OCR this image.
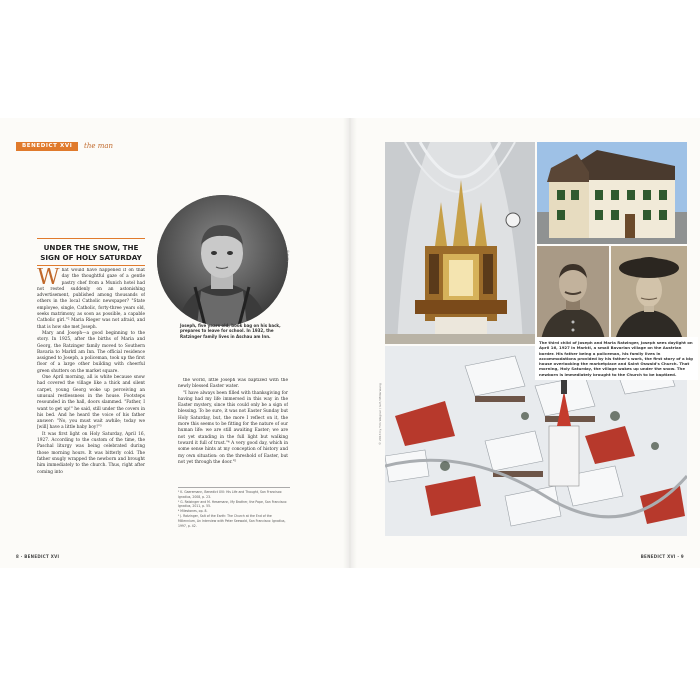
BENEDICT XVI	the man
UNDER THE SNOW, THE SIGN OF HOLY SATURDAY

What would have happened if on that day the thoughtful gaze of a gentle pastry chef from a Munich hotel had not rested suddenly on an astonishing advertisement, published among thousands of others in the local Catholic newspaper? "State employee, single, Catholic, forty-three years old, seeks matrimony, as soon as possible, a capable Catholic girl."² Maria Rieger was not afraid, and that is how she met Joseph.

Mary and Joseph—a good beginning to the story. In 1925, after the births of Maria and Georg, the Ratzinger family moved to Southern Bavaria to Marktl am Inn. The official residence assigned to Joseph, a policeman, took up the first floor of a large other building with cheerful green shutters on the market square.

One April morning, all is white because snow had covered the village like a thick and silent carpet, young Georg woke up perceiving an unusual restlessness in the house. Footsteps resounded in the hall, doors slammed. "Father, I want to get up!" he said, still under the covers in his bed. And he heard the voice of his father answer: "No, you must wait awhile; today we [will] have a little baby boy!"³

It was first light on Holy Saturday, April 16, 1927. According to the custom of the time, the Paschal liturgy was being celebrated during those morning hours. It was bitterly cold. The father snugly wrapped the newborn and brought him immediately to the church. Thus, right after coming into

© Getty
Joseph, five years old, book bag on his back, prepares to leave for school. In 1932, the Ratzinger family lives in Aschau am Inn.

the world, little Joseph was baptized with the newly blessed Easter water.

"I have always been filled with thanksgiving for having had my life immersed in this way in the Easter mystery, since this could only be a sign of blessing. To be sure, it was not Easter Sunday but Holy Saturday, but, the more I reflect on it, the more this seems to be fitting for the nature of our human life: we are still awaiting Easter; we are not yet standing in the full light but walking toward it full of trust."⁴ A very good day, which in some sense hints at my conception of history and my own situation: on the threshold of Easter, but not yet through the door."⁵

² K. Gaeremann, Benedict XVI: His Life and Thought, San Francisco: Ignatius, 2008, p. 23.
³ G. Ratzinger and M. Hesemann, My Brother, the Pope, San Francisco: Ignatius, 2011, p. 55.
⁴ Milestones, op. 8.
⁵ J. Ratzinger, Salt of the Earth: The Church at the End of the Millennium, An Interview with Peter Seewald, San Francisco: Ignatius, 1997, p. 42.
8 · BENEDICT XVI	BENEDICT XVI · 9
The third child of Joseph and Maria Ratzinger, Joseph sees daylight on April 16, 1927 in Marktl, a small Bavarian village on the Austrian border. His father being a policeman, his family lives in accommodations provided by his father's work, the first story of a big house overlooking the marketplace and Saint Oswald's Church. That morning, Holy Saturday, the village wakes up under the snow. The newborn is immediately brought to the Church to be baptized.
© 2013 by Tim Wegner / laif / Millerwang
